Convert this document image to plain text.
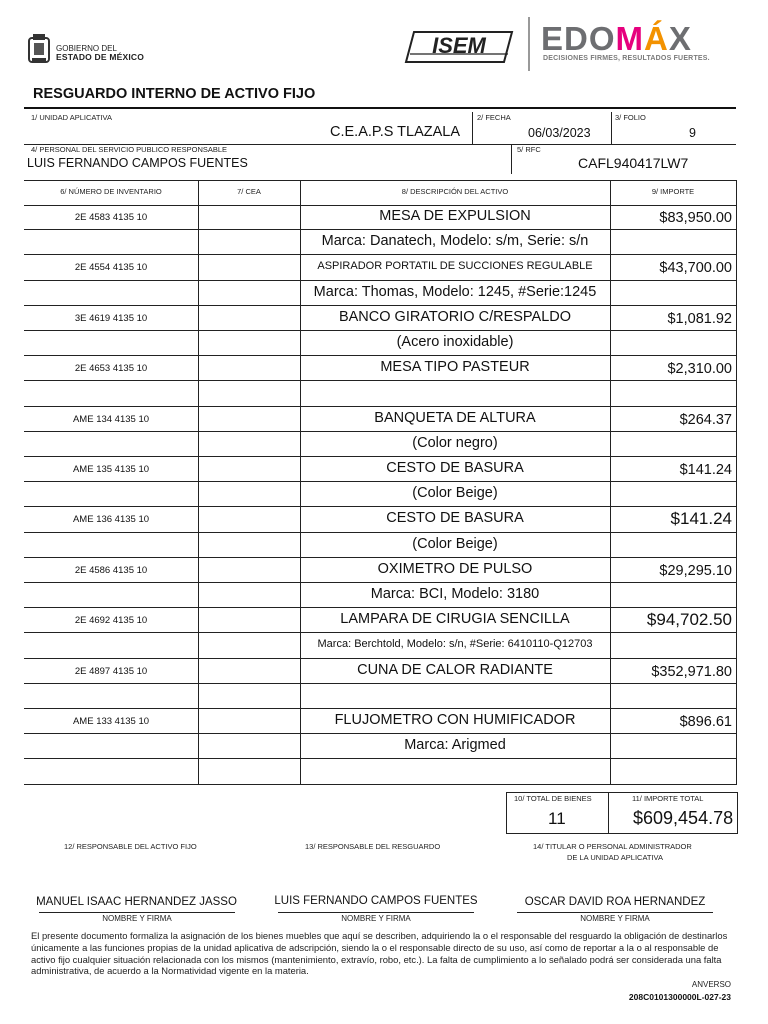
GOBIERNO DEL
ESTADO DE MÉXICO	ISEM EDOMÁX
DECISIONES FIRMES, RESULTADOS FUERTES.
RESGUARDO INTERNO DE ACTIVO FIJO
1/ UNIDAD APLICATIVA
C.E.A.P.S TLAZALA
2/ FECHA
06/03/2023
3/ FOLIO
9
4/ PERSONAL DEL SERVICIO PUBLICO RESPONSABLE
LUIS FERNANDO CAMPOS FUENTES
5/ RFC
CAFL940417LW7
6/ NÚMERO DE INVENTARIO	7/ CEA	8/ DESCRIPCIÓN DEL ACTIVO	9/ IMPORTE
2E 4583 4135 10	MESA DE EXPULSION	$83,950.00
Marca: Danatech, Modelo: s/m, Serie: s/n
2E 4554 4135 10	ASPIRADOR PORTATIL DE SUCCIONES REGULABLE	$43,700.00
Marca: Thomas, Modelo: 1245, #Serie:1245
3E 4619 4135 10	BANCO GIRATORIO C/RESPALDO	$1,081.92
(Acero inoxidable)
2E 4653 4135 10	MESA TIPO PASTEUR	$2,310.00
AME 134 4135 10	BANQUETA DE ALTURA	$264.37
(Color negro)
AME 135 4135 10	CESTO DE BASURA	$141.24
(Color Beige)
AME 136 4135 10	CESTO DE BASURA	$141.24
(Color Beige)
2E 4586 4135 10	OXIMETRO DE PULSO	$29,295.10
Marca: BCI, Modelo: 3180
2E 4692 4135 10	LAMPARA DE CIRUGIA SENCILLA	$94,702.50
Marca: Berchtold, Modelo: s/n, #Serie: 6410110-Q12703
2E 4897 4135 10	CUNA DE CALOR RADIANTE	$352,971.80
AME 133 4135 10	FLUJOMETRO CON HUMIFICADOR	$896.61
Marca: Arigmed
10/ TOTAL DE BIENES
11
11/ IMPORTE TOTAL
$609,454.78
12/ RESPONSABLE DEL ACTIVO FIJO	13/ RESPONSABLE DEL RESGUARDO	14/ TITULAR O PERSONAL ADMINISTRADOR
DE LA UNIDAD APLICATIVA
MANUEL ISAAC HERNANDEZ JASSO
NOMBRE Y FIRMA
LUIS FERNANDO CAMPOS FUENTES
NOMBRE Y FIRMA
OSCAR DAVID ROA HERNANDEZ
NOMBRE Y FIRMA
El presente documento formaliza la asignación de los bienes muebles que aquí se describen, adquiriendo la o el responsable del resguardo la obligación de destinarlos únicamente a las funciones propias de la unidad aplicativa de adscripción, siendo la o el responsable directo de su uso, así como de reportar a la o al responsable de activo fijo cualquier situación relacionada con los mismos (mantenimiento, extravío, robo, etc.). La falta de cumplimiento a lo señalado podrá ser considerada una falta administrativa, de acuerdo a la Normatividad vigente en la materia.
ANVERSO
208C0101300000L-027-23
